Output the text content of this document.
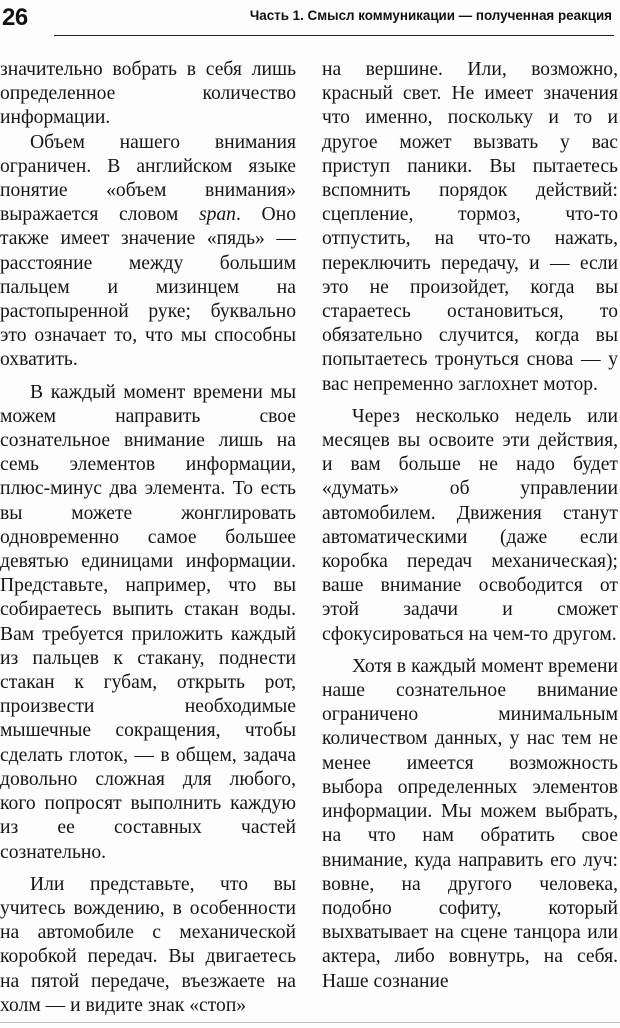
26	Часть 1. Смысл коммуникации — полученная реакция

значительно вобрать в себя лишь определенное количество информации.

Объем нашего внимания ограничен. В английском языке понятие «объем внимания» выражается словом span. Оно также имеет значение «пядь» — расстояние между большим пальцем и мизинцем на растопыренной руке; буквально это означает то, что мы способны охватить.

В каждый момент времени мы можем направить свое сознательное внимание лишь на семь элементов информации, плюс-минус два элемента. То есть вы можете жонглировать одновременно самое большее девятью единицами информации. Представьте, например, что вы собираетесь выпить стакан воды. Вам требуется приложить каждый из пальцев к стакану, поднести стакан к губам, открыть рот, произвести необходимые мышечные сокращения, чтобы сделать глоток, — в общем, задача довольно сложная для любого, кого попросят выполнить каждую из ее составных частей сознательно.

Или представьте, что вы учитесь вождению, в особенности на автомобиле с механической коробкой передач. Вы двигаетесь на пятой передаче, въезжаете на холм — и видите знак «стоп»

на вершине. Или, возможно, красный свет. Не имеет значения что именно, поскольку и то и другое может вызвать у вас приступ паники. Вы пытаетесь вспомнить порядок действий: сцепление, тормоз, что-то отпустить, на что-то нажать, переключить передачу, и — если это не произойдет, когда вы стараетесь остановиться, то обязательно случится, когда вы попытаетесь тронуться снова — у вас непременно заглохнет мотор.

Через несколько недель или месяцев вы освоите эти действия, и вам больше не надо будет «думать» об управлении автомобилем. Движения станут автоматическими (даже если коробка передач механическая); ваше внимание освободится от этой задачи и сможет сфокусироваться на чем-то другом.

Хотя в каждый момент времени наше сознательное внимание ограничено минимальным количеством данных, у нас тем не менее имеется возможность выбора определенных элементов информации. Мы можем выбрать, на что нам обратить свое внимание, куда направить его луч: вовне, на другого человека, подобно софиту, который выхватывает на сцене танцора или актера, либо вовнутрь, на себя. Наше сознание
